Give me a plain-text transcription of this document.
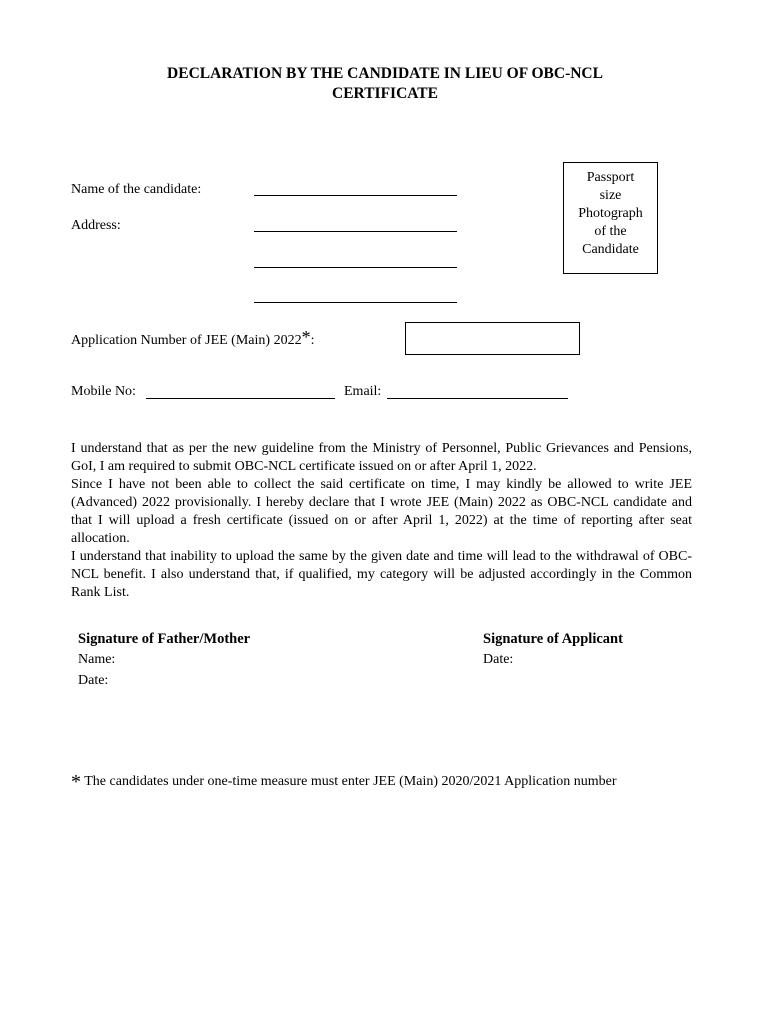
DECLARATION BY THE CANDIDATE IN LIEU OF OBC-NCL
CERTIFICATE
Name of the candidate:
Address:
Passport
size
Photograph
of the
Candidate
Application Number of JEE (Main) 2022*:
Mobile No:	Email:

I understand that as per the new guideline from the Ministry of Personnel, Public Grievances and Pensions, GoI, I am required to submit OBC-NCL certificate issued on or after April 1, 2022.

Since I have not been able to collect the said certificate on time, I may kindly be allowed to write JEE (Advanced) 2022 provisionally. I hereby declare that I wrote JEE (Main) 2022 as OBC-NCL candidate and that I will upload a fresh certificate (issued on or after April 1, 2022) at the time of reporting after seat allocation.

I understand that inability to upload the same by the given date and time will lead to the withdrawal of OBC-NCL benefit. I also understand that, if qualified, my category will be adjusted accordingly in the Common Rank List.

Signature of Father/Mother
Name:
Date:
Signature of Applicant
Date:
* The candidates under one-time measure must enter JEE (Main) 2020/2021 Application number
